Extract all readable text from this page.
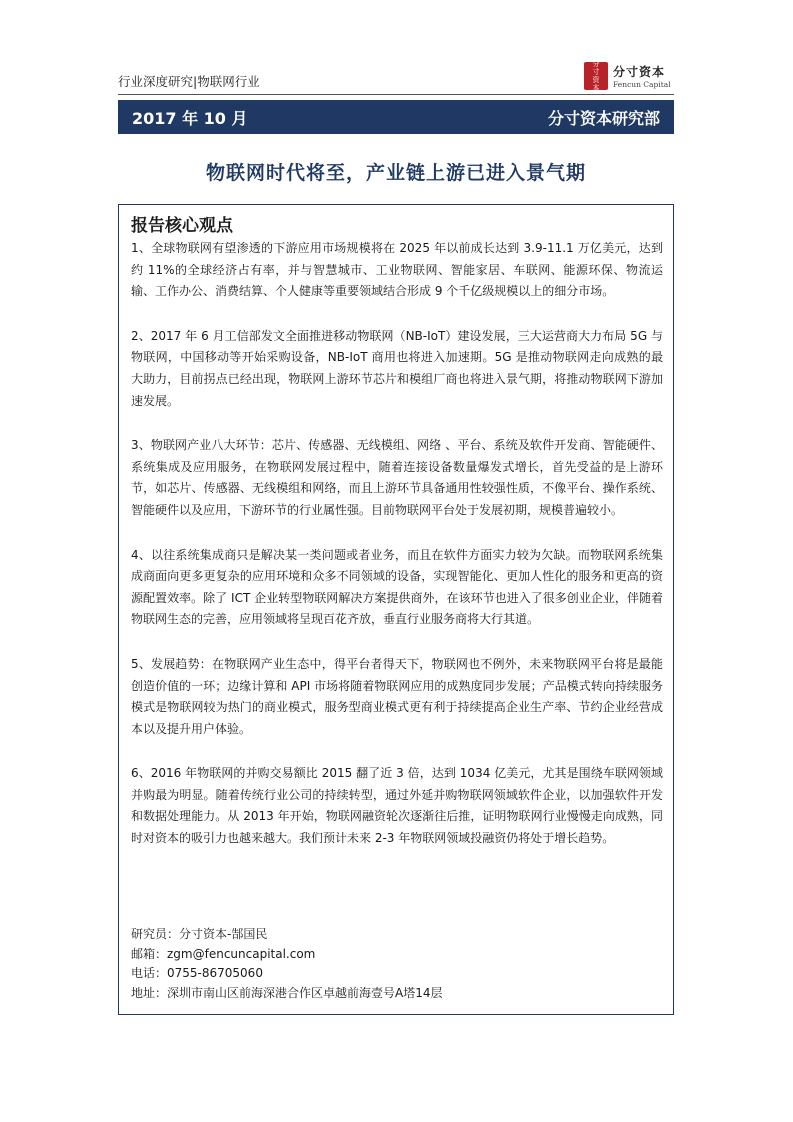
行业深度研究|物联网行业
分
寸
资
本
分寸资本
Fencun Capital
2017 年 10 月	分寸资本研究部
物联网时代将至，产业链上游已进入景气期
报告核心观点

1、全球物联网有望渗透的下游应用市场规模将在 2025 年以前成长达到 3.9-11.1 万亿美元，达到约 11%的全球经济占有率，并与智慧城市、工业物联网、智能家居、车联网、能源环保、物流运输、工作办公、消费结算、个人健康等重要领域结合形成 9 个千亿级规模以上的细分市场。

2、2017 年 6 月工信部发文全面推进移动物联网（NB-IoT）建设发展，三大运营商大力布局 5G 与物联网，中国移动等开始采购设备，NB-IoT 商用也将进入加速期。5G 是推动物联网走向成熟的最大助力，目前拐点已经出现，物联网上游环节芯片和模组厂商也将进入景气期，将推动物联网下游加速发展。

3、物联网产业八大环节：芯片、传感器、无线模组、网络 、平台、系统及软件开发商、智能硬件、系统集成及应用服务，在物联网发展过程中，随着连接设备数量爆发式增长，首先受益的是上游环节，如芯片、传感器、无线模组和网络，而且上游环节具备通用性较强性质，不像平台、操作系统、智能硬件以及应用，下游环节的行业属性强。目前物联网平台处于发展初期，规模普遍较小。

4、以往系统集成商只是解决某一类问题或者业务，而且在软件方面实力较为欠缺。而物联网系统集成商面向更多更复杂的应用环境和众多不同领域的设备，实现智能化、更加人性化的服务和更高的资源配置效率。除了 ICT 企业转型物联网解决方案提供商外，在该环节也进入了很多创业企业，伴随着物联网生态的完善，应用领域将呈现百花齐放，垂直行业服务商将大行其道。

5、发展趋势：在物联网产业生态中，得平台者得天下，物联网也不例外，未来物联网平台将是最能创造价值的一环；边缘计算和 API 市场将随着物联网应用的成熟度同步发展；产品模式转向持续服务模式是物联网较为热门的商业模式，服务型商业模式更有利于持续提高企业生产率、节约企业经营成本以及提升用户体验。

6、2016 年物联网的并购交易额比 2015 翻了近 3 倍，达到 1034 亿美元，尤其是围绕车联网领域并购最为明显。随着传统行业公司的持续转型，通过外延并购物联网领域软件企业，以加强软件开发和数据处理能力。从 2013 年开始，物联网融资轮次逐渐往后推，证明物联网行业慢慢走向成熟，同时对资本的吸引力也越来越大。我们预计未来 2-3 年物联网领域投融资仍将处于增长趋势。

研究员：分寸资本-郜国民
邮箱：zgm@fencuncapital.com
电话：0755-86705060
地址：深圳市南山区前海深港合作区卓越前海壹号A塔14层
